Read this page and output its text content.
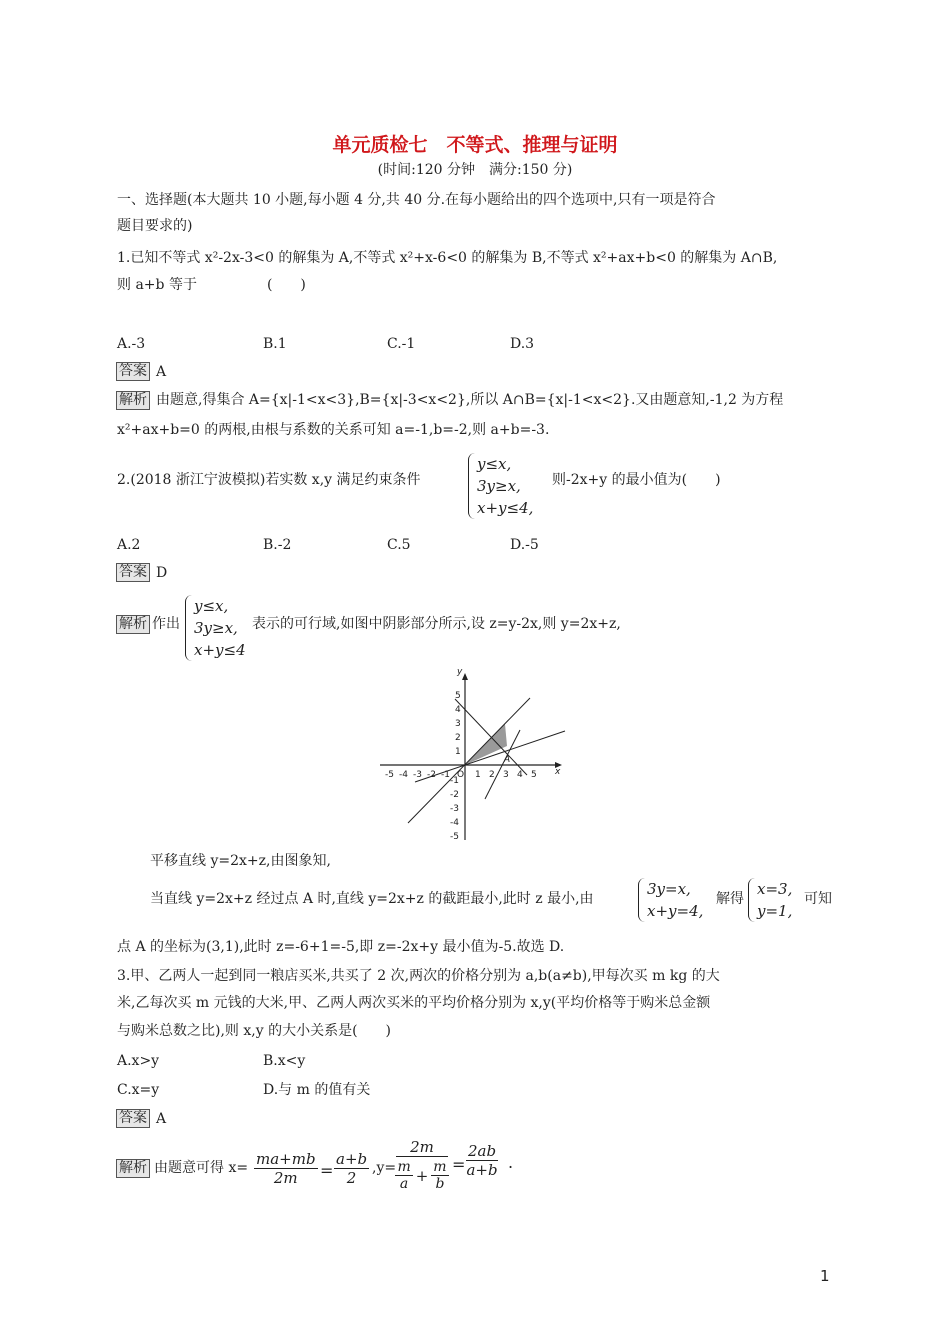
单元质检七　不等式、推理与证明
(时间:120 分钟　满分:150 分)
一、选择题(本大题共 10 小题,每小题 4 分,共 40 分.在每小题给出的四个选项中,只有一项是符合
题目要求的)
1.已知不等式 x²-2x-3<0 的解集为 A,不等式 x²+x-6<0 的解集为 B,不等式 x²+ax+b<0 的解集为 A∩B,
则 a+b 等于　　　　　(　　)
A.-3	B.1	C.-1	D.3
答案 A
解析 由题意,得集合 A={x|-1<x<3},B={x|-3<x<2},所以 A∩B={x|-1<x<2}.又由题意知,-1,2 为方程
x²+ax+b=0 的两根,由根与系数的关系可知 a=-1,b=-2,则 a+b=-3.
2.(2018 浙江宁波模拟)若实数 x,y 满足约束条件
y≤x,
3y≥x,
x+y≤4,
则-2x+y 的最小值为(　　)
A.2	B.-2	C.5	D.-5
答案 D
解析 作出
y≤x,
3y≥x,
x+y≤4
表示的可行域,如图中阴影部分所示,设 z=y-2x,则 y=2x+z,
y
x
O
A
-5 -4 -3 -2 -1	1 2 3 4 5
5
4
3
2
1
-1
-2
-3
-4
-5
平移直线 y=2x+z,由图象知,
当直线 y=2x+z 经过点 A 时,直线 y=2x+z 的截距最小,此时 z 最小,由
3y=x,
x+y=4,
解得
x=3,
y=1,
可知
点 A 的坐标为(3,1),此时 z=-6+1=-5,即 z=-2x+y 最小值为-5.故选 D.
3.甲、乙两人一起到同一粮店买米,共买了 2 次,两次的价格分别为 a,b(a≠b),甲每次买 m kg 的大
米,乙每次买 m 元钱的大米,甲、乙两人两次买米的平均价格分别为 x,y(平均价格等于购米总金额
与购米总数之比),则 x,y 的大小关系是(　　)
A.x>y	B.x<y
C.x=y	D.与 m 的值有关
答案 A
解析 由题意可得 $x= \frac{ma+mb}{2m} = \frac{a+b}{2} ,y= \frac{2m}{\frac{m}{a} + \frac{m}{b}} = \frac{2ab}{a+b}$ .
1
